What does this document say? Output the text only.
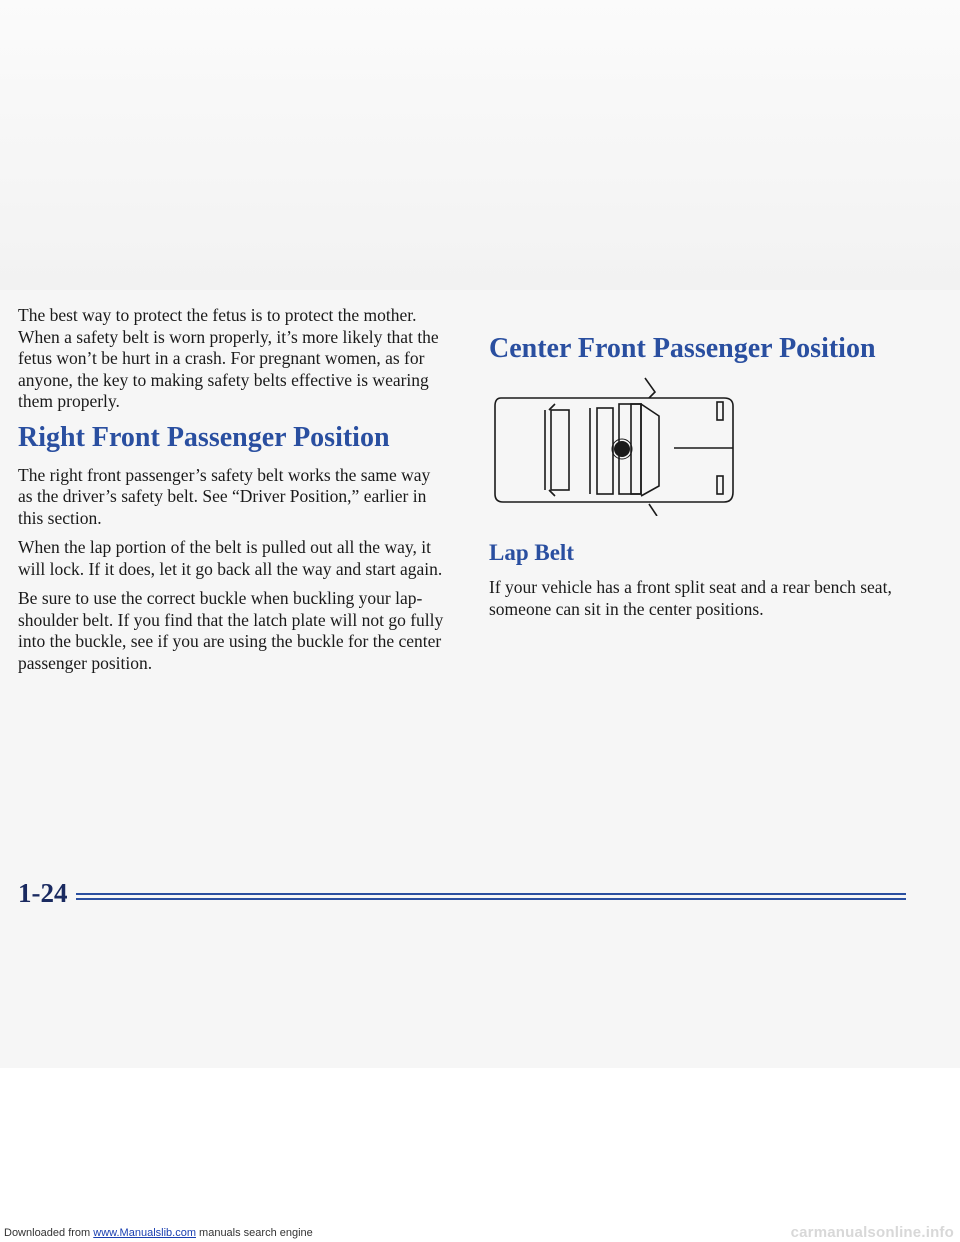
The best way to protect the fetus is to protect the mother. When a safety belt is worn properly, it’s more likely that the fetus won’t be hurt in a crash. For pregnant women, as for anyone, the key to making safety belts effective is wearing them properly.

Right Front Passenger Position

The right front passenger’s safety belt works the same way as the driver’s safety belt. See “Driver Position,” earlier in this section.

When the lap portion of the belt is pulled out all the way, it will lock. If it does, let it go back all the way and start again.

Be sure to use the correct buckle when buckling your lap-shoulder belt. If you find that the latch plate will not go fully into the buckle, see if you are using the buckle for the center passenger position.

Center Front Passenger Position
Lap Belt

If your vehicle has a front split seat and a rear bench seat, someone can sit in the center positions.

1-24
Downloaded from www.Manualslib.com manuals search engine	carmanualsonline.info
